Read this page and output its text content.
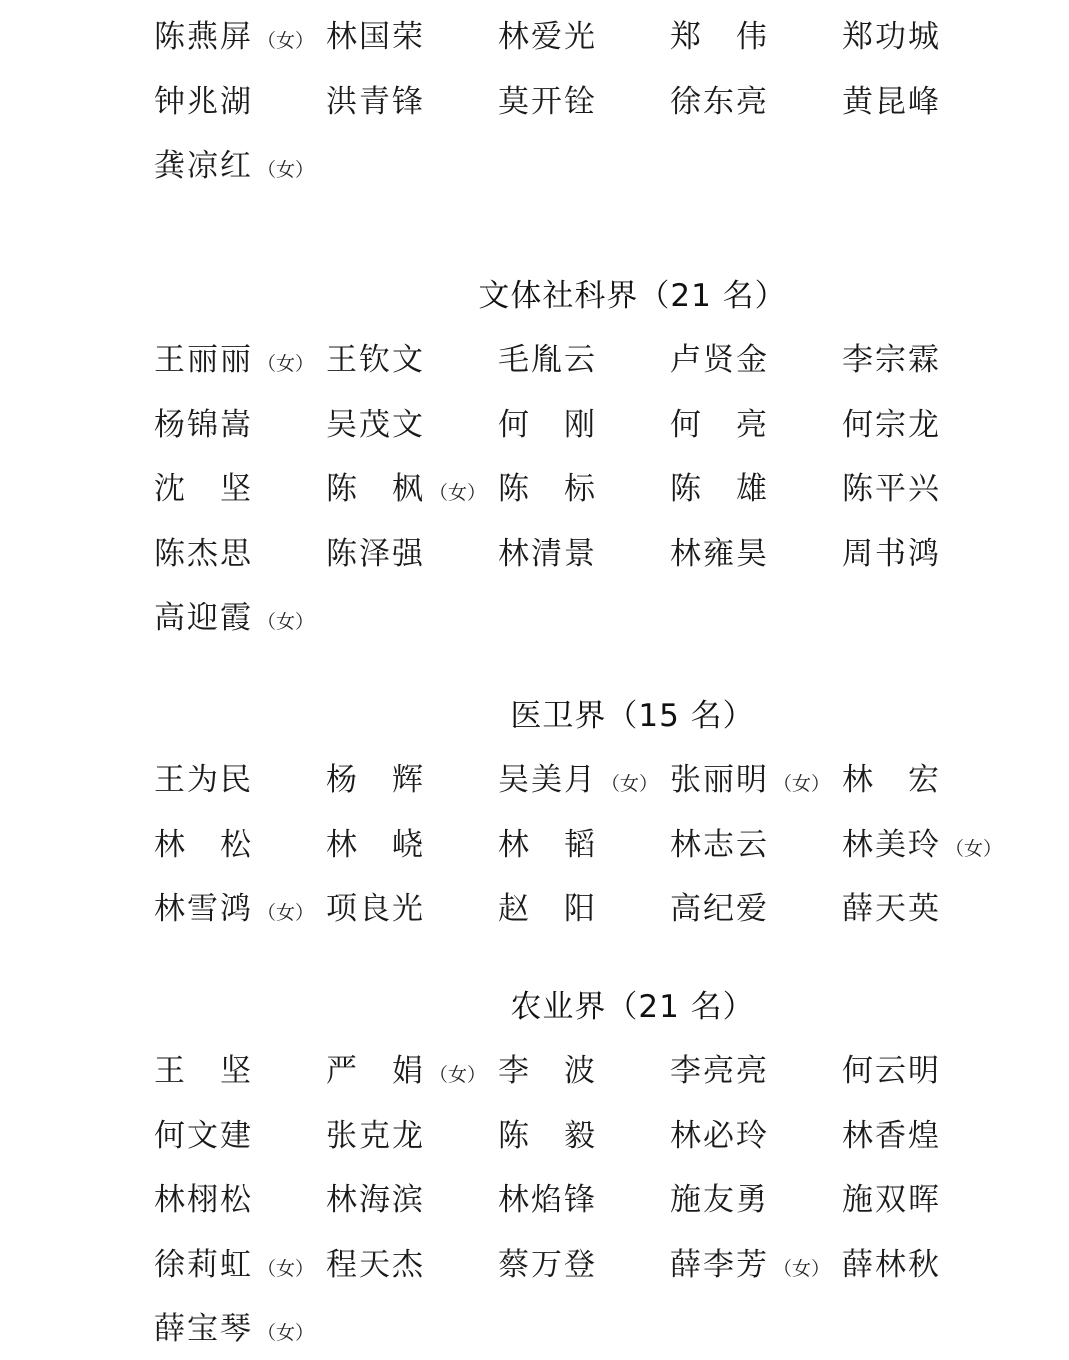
陈燕屏 （女） 林国荣 林爱光 郑　伟 郑功城
钟兆湖 洪青锋 莫开铨 徐东亮 黄昆峰
龚凉红 （女）
文体社科界（21 名）
王丽丽 （女） 王钦文 毛胤云 卢贤金 李宗霖
杨锦嵩 吴茂文 何　刚 何　亮 何宗龙
沈　坚 陈　枫 （女） 陈　标 陈　雄 陈平兴
陈杰思 陈泽强 林清景 林雍昊 周书鸿
高迎霞 （女）
医卫界（15 名）
王为民 杨　辉 吴美月 （女） 张丽明 （女） 林　宏
林　松 林　峣 林　韬 林志云 林美玲 （女）
林雪鸿 （女） 项良光 赵　阳 高纪爱 薛天英
农业界（21 名）
王　坚 严　娟 （女） 李　波 李亮亮 何云明
何文建 张克龙 陈　毅 林必玲 林香煌
林栩松 林海滨 林焰锋 施友勇 施双晖
徐莉虹 （女） 程天杰 蔡万登 薛李芳 （女） 薛林秋
薛宝琴 （女）
